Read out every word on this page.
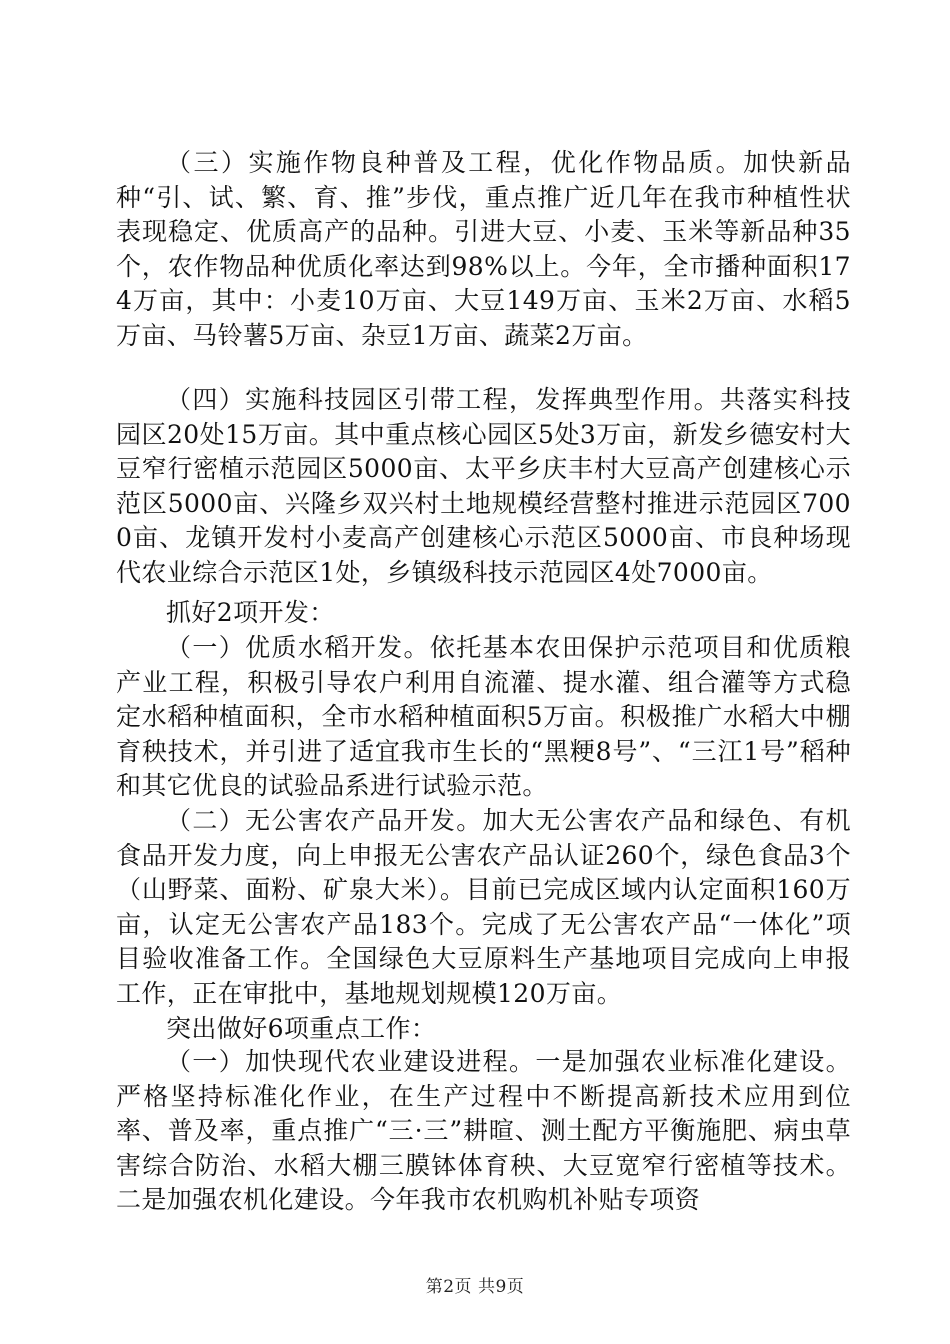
（三）实施作物良种普及工程，优化作物品质。加快新品种“引、试、繁、育、推”步伐，重点推广近几年在我市种植性状表现稳定、优质高产的品种。引进大豆、小麦、玉米等新品种35个，农作物品种优质化率达到98%以上。今年，全市播种面积174万亩，其中：小麦10万亩、大豆149万亩、玉米2万亩、水稻5万亩、马铃薯5万亩、杂豆1万亩、蔬菜2万亩。

（四）实施科技园区引带工程，发挥典型作用。共落实科技园区20处15万亩。其中重点核心园区5处3万亩，新发乡德安村大豆窄行密植示范园区5000亩、太平乡庆丰村大豆高产创建核心示范区5000亩、兴隆乡双兴村土地规模经营整村推进示范园区7000亩、龙镇开发村小麦高产创建核心示范区5000亩、市良种场现代农业综合示范区1处，乡镇级科技示范园区4处7000亩。

抓好2项开发：

（一）优质水稻开发。依托基本农田保护示范项目和优质粮产业工程，积极引导农户利用自流灌、提水灌、组合灌等方式稳定水稻种植面积，全市水稻种植面积5万亩。积极推广水稻大中棚育秧技术，并引进了适宜我市生长的“黑粳8号”、“三江1号”稻种和其它优良的试验品系进行试验示范。

（二）无公害农产品开发。加大无公害农产品和绿色、有机食品开发力度，向上申报无公害农产品认证260个，绿色食品3个（山野菜、面粉、矿泉大米）。目前已完成区域内认定面积160万亩，认定无公害农产品183个。完成了无公害农产品“一体化”项目验收准备工作。全国绿色大豆原料生产基地项目完成向上申报工作，正在审批中，基地规划规模120万亩。

突出做好6项重点工作：

（一）加快现代农业建设进程。一是加强农业标准化建设。严格坚持标准化作业，在生产过程中不断提高新技术应用到位率、普及率，重点推广“三·三”耕暄、测土配方平衡施肥、病虫草害综合防治、水稻大棚三膜钵体育秧、大豆宽窄行密植等技术。二是加强农机化建设。今年我市农机购机补贴专项资

第2页 共9页
